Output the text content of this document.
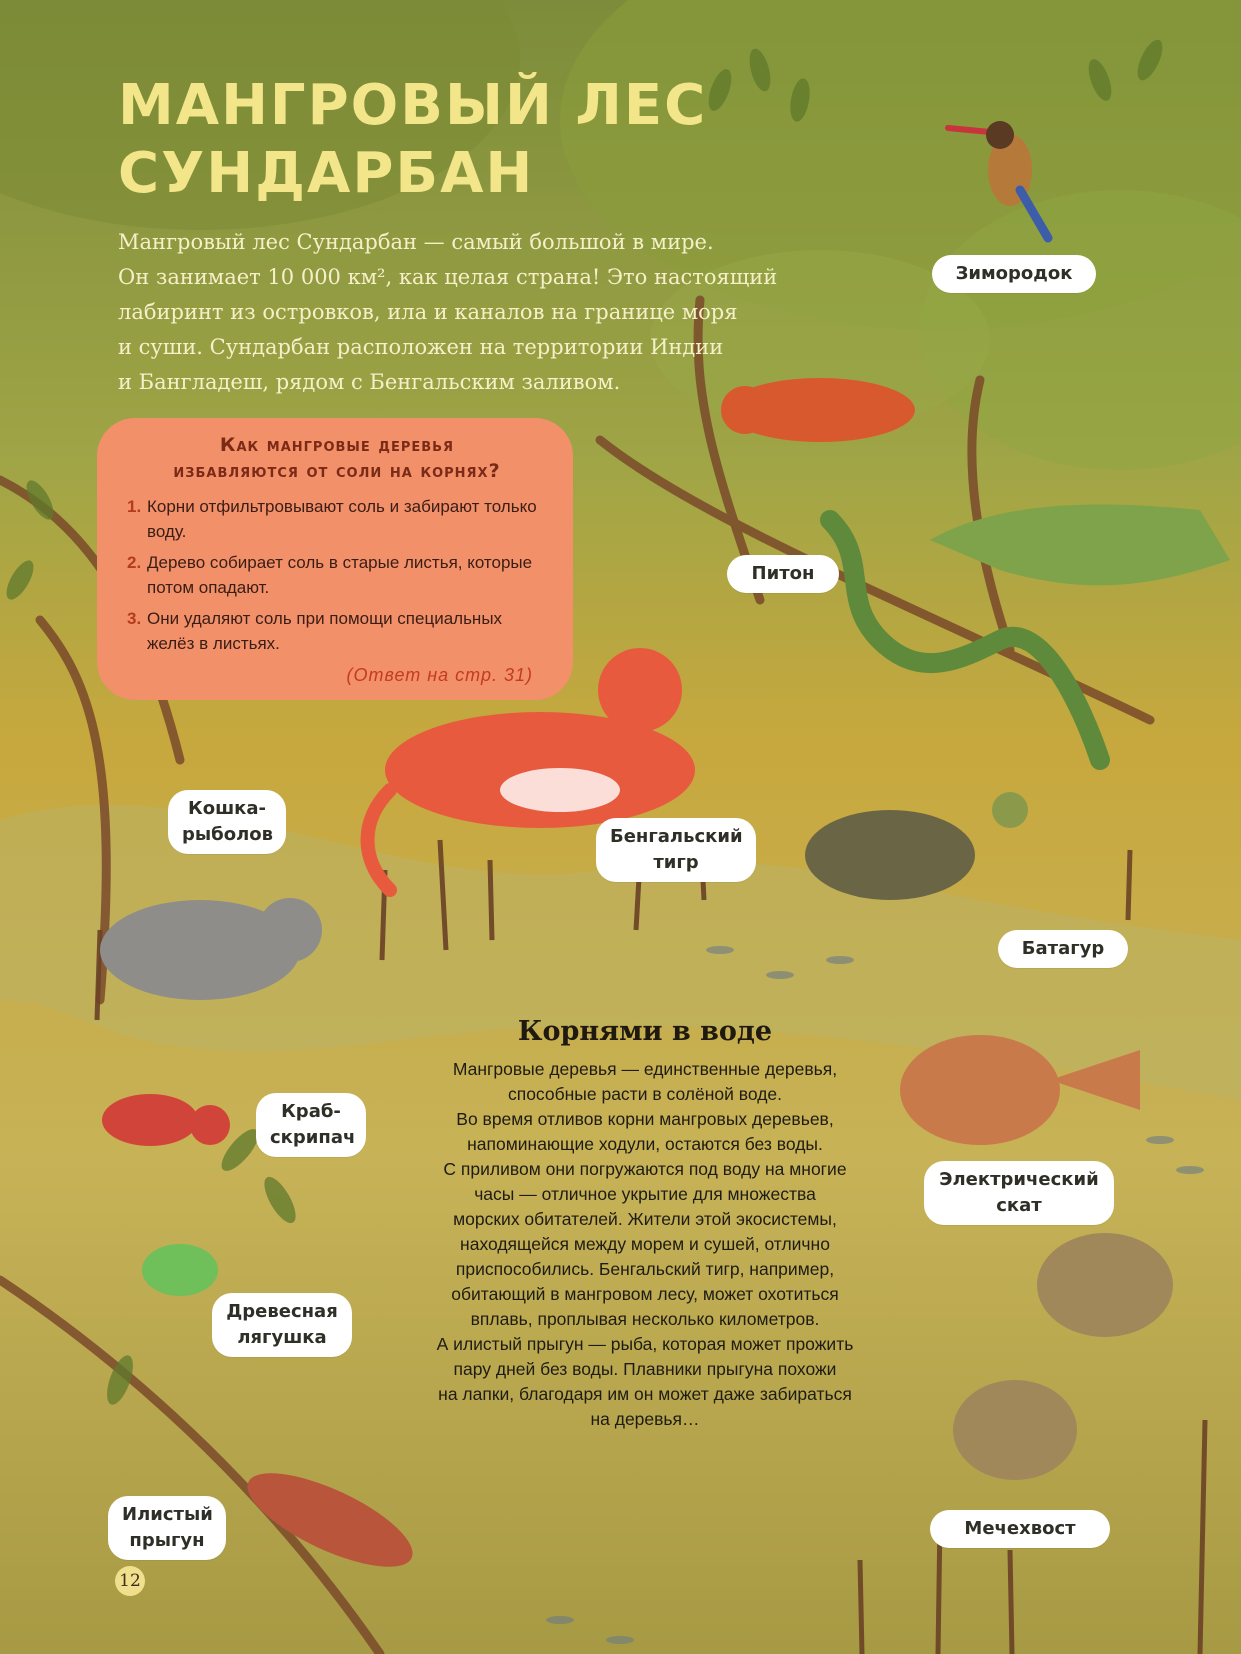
МАНГРОВЫЙ ЛЕС СУНДАРБАН

Мангровый лес Сундарбан — самый большой в мире.

Он занимает 10 000 км², как целая страна! Это настоящий

лабиринт из островков, ила и каналов на границе моря

и суши. Сундарбан расположен на территории Индии

и Бангладеш, рядом с Бенгальским заливом.

Как мангровые деревья
избавляются от соли на корнях?
1. Корни отфильтровывают соль и забирают только воду.
2. Дерево собирает соль в старые листья, которые потом опадают.
3. Они удаляют соль при помощи специальных желёз в листьях.
(Ответ на стр. 31)
Зимородок
Питон
Кошка-рыболов	Бенгальский тигр
Батагур
Краб-скрипач
Электрический скат
Древесная лягушка
Мечехвост
Илистый прыгун
Корнями в воде

Мангровые деревья — единственные деревья,

способные расти в солёной воде.

Во время отливов корни мангровых деревьев,

напоминающие ходули, остаются без воды.

С приливом они погружаются под воду на многие

часы — отличное укрытие для множества

морских обитателей. Жители этой экосистемы,

находящейся между морем и сушей, отлично

приспособились. Бенгальский тигр, например,

обитающий в мангровом лесу, может охотиться

вплавь, проплывая несколько километров.

А илистый прыгун — рыба, которая может прожить

пару дней без воды. Плавники прыгуна похожи

на лапки, благодаря им он может даже забираться

на деревья…

12
